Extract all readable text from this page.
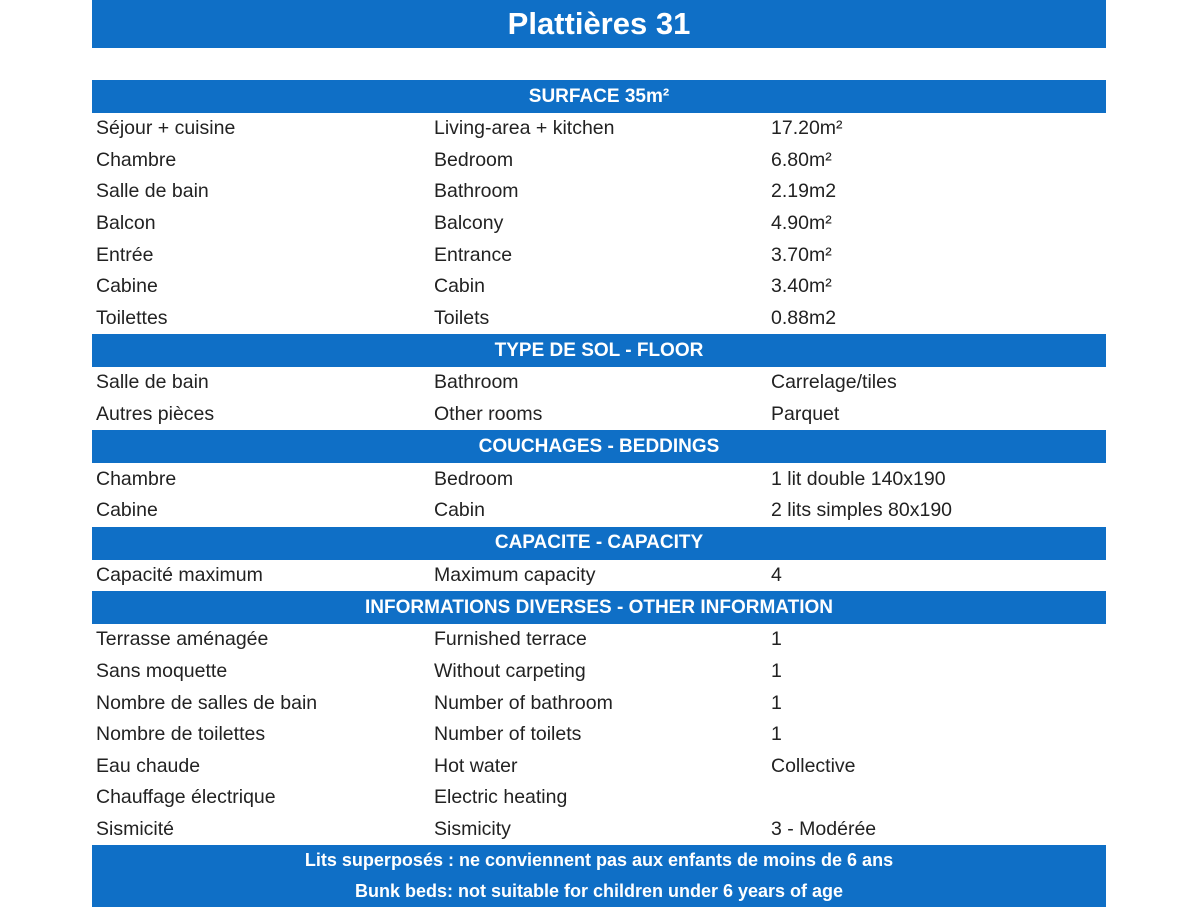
Plattières 31
SURFACE 35m²
Séjour + cuisine	Living-area + kitchen	17.20m²
Chambre	Bedroom	6.80m²
Salle de bain	Bathroom	2.19m2
Balcon	Balcony	4.90m²
Entrée	Entrance	3.70m²
Cabine	Cabin	3.40m²
Toilettes	Toilets	0.88m2
TYPE DE SOL - FLOOR
Salle de bain	Bathroom	Carrelage/tiles
Autres pièces	Other rooms	Parquet
COUCHAGES - BEDDINGS
Chambre	Bedroom	1 lit double 140x190
Cabine	Cabin	2 lits simples 80x190
CAPACITE - CAPACITY
Capacité maximum	Maximum capacity	4
INFORMATIONS DIVERSES - OTHER INFORMATION
Terrasse aménagée	Furnished terrace	1
Sans moquette	Without carpeting	1
Nombre de salles de bain	Number of bathroom	1
Nombre de toilettes	Number of toilets	1
Eau chaude	Hot water	Collective
Chauffage électrique	Electric heating
Sismicité	Sismicity	3 - Modérée
Lits superposés : ne conviennent pas aux enfants de moins de 6 ans
Bunk beds: not suitable for children under 6 years of age
